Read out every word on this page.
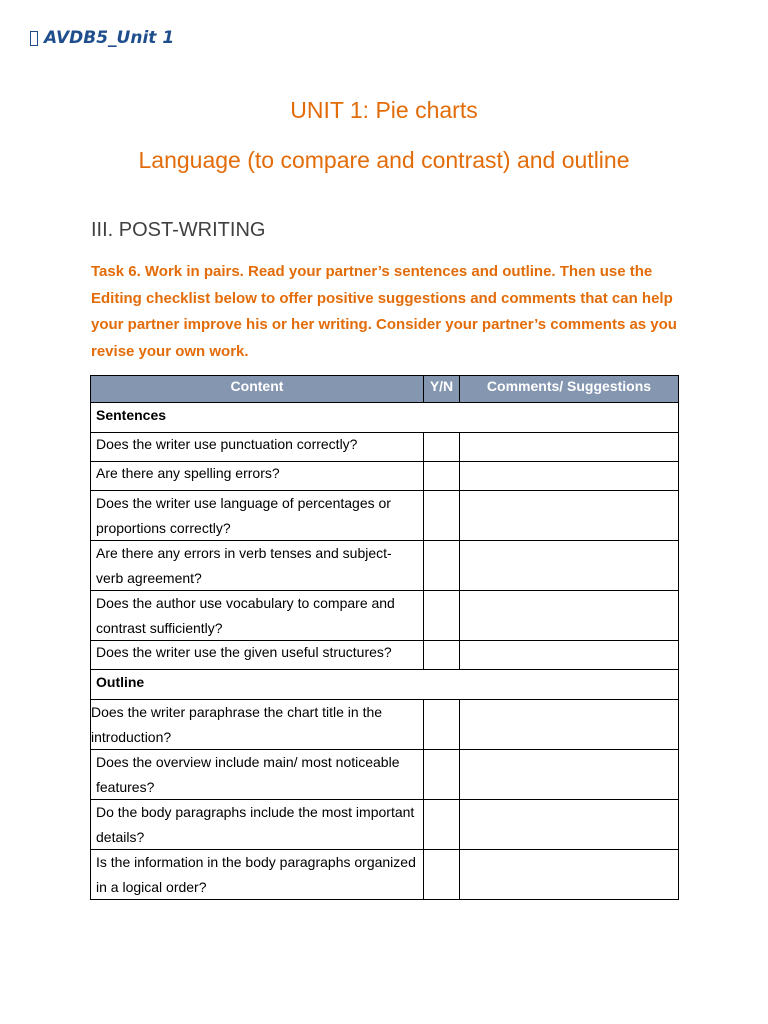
AVDB5_Unit 1
UNIT 1: Pie charts
Language (to compare and contrast) and outline
III. POST-WRITING
Task 6. Work in pairs. Read your partner’s sentences and outline. Then use the Editing checklist below to offer positive suggestions and comments that can help your partner improve his or her writing. Consider your partner’s comments as you revise your own work.
Content	Y/N	Comments/ Suggestions
Sentences		
Does the writer use punctuation correctly?		
Are there any spelling errors?		
Does the writer use language of percentages or proportions correctly?		
Are there any errors in verb tenses and subject-verb agreement?		
Does the author use vocabulary to compare and contrast sufficiently?		
Does the writer use the given useful structures?		
Outline		
Does the writer paraphrase the chart title in the introduction?		
Does the overview include main/ most noticeable features?		
Do the body paragraphs include the most important details?		
Is the information in the body paragraphs organized in a logical order?		
